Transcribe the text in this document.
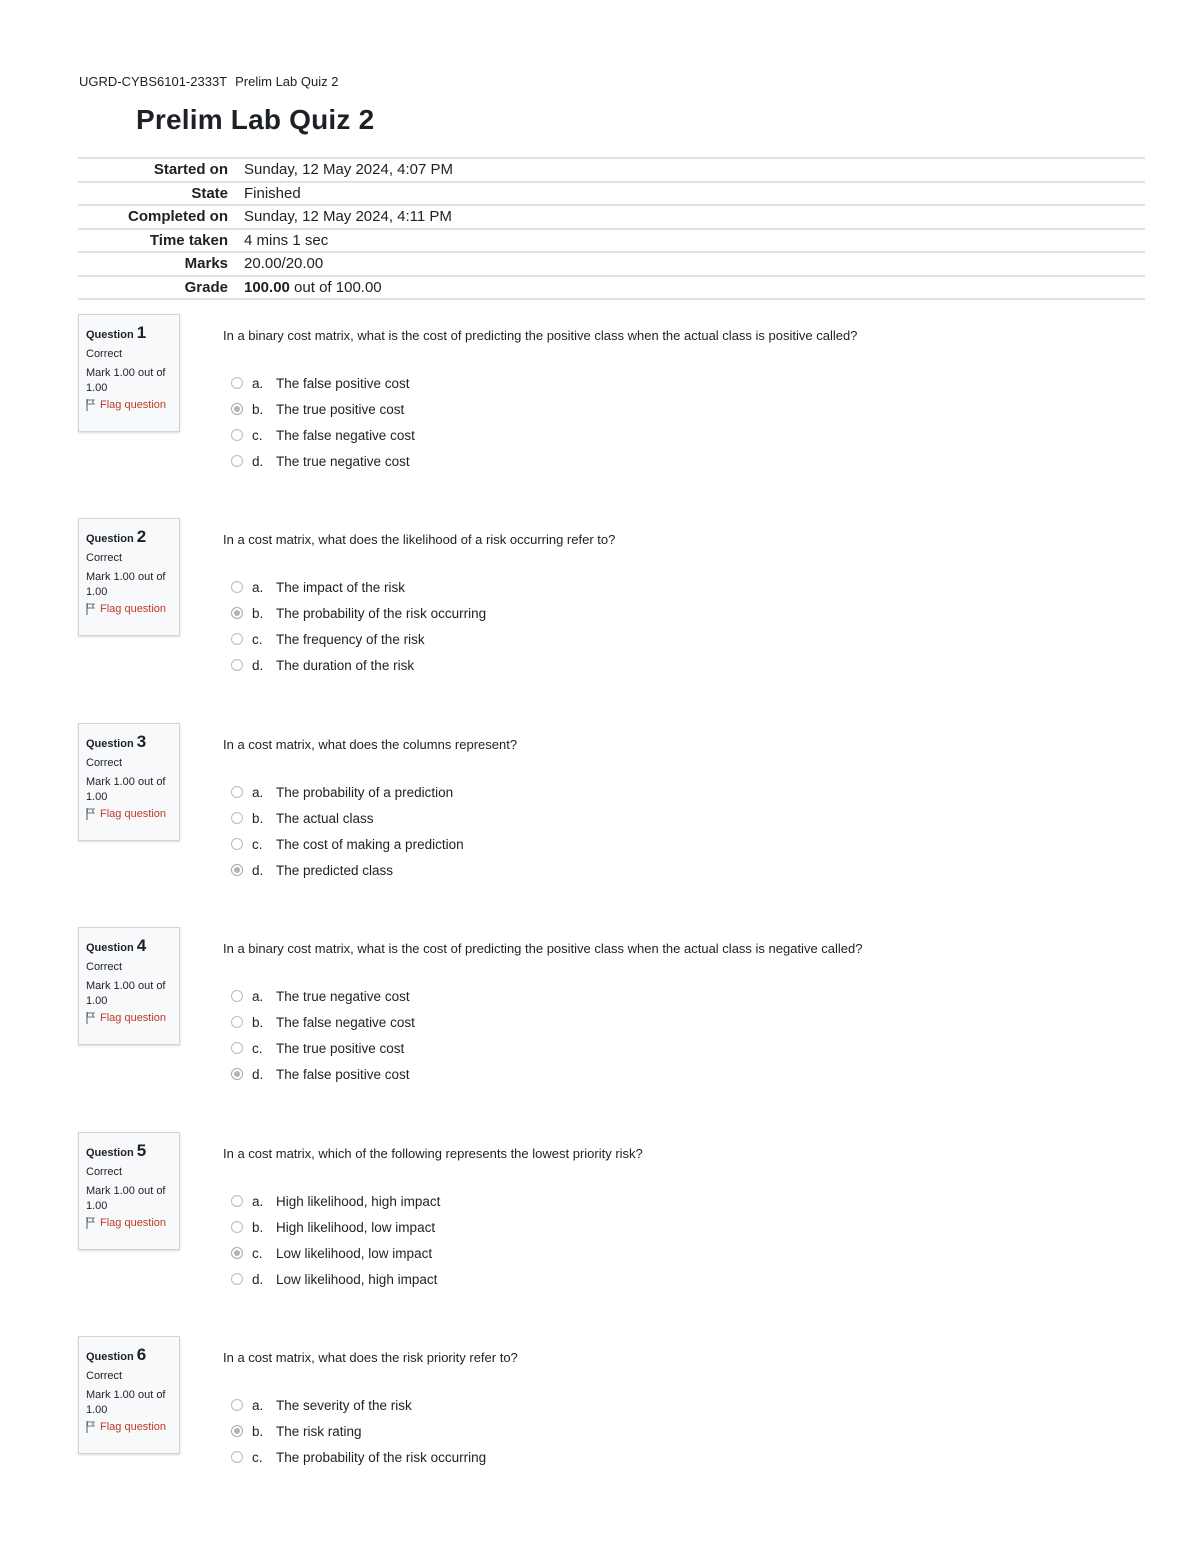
UGRD-CYBS6101-2333T Prelim Lab Quiz 2
Prelim Lab Quiz 2
Started on	Sunday, 12 May 2024, 4:07 PM
State	Finished
Completed on	Sunday, 12 May 2024, 4:11 PM
Time taken	4 mins 1 sec
Marks	20.00/20.00
Grade	100.00 out of 100.00
Question 1
Correct
Mark 1.00 out of 1.00
Flag question
In a binary cost matrix, what is the cost of predicting the positive class when the actual class is positive called?
a. The false positive cost
b. The true positive cost
c. The false negative cost
d. The true negative cost
Question 2
Correct
Mark 1.00 out of 1.00
Flag question
In a cost matrix, what does the likelihood of a risk occurring refer to?
a. The impact of the risk
b. The probability of the risk occurring
c. The frequency of the risk
d. The duration of the risk
Question 3
Correct
Mark 1.00 out of 1.00
Flag question
In a cost matrix, what does the columns represent?
a. The probability of a prediction
b. The actual class
c. The cost of making a prediction
d. The predicted class
Question 4
Correct
Mark 1.00 out of 1.00
Flag question
In a binary cost matrix, what is the cost of predicting the positive class when the actual class is negative called?
a. The true negative cost
b. The false negative cost
c. The true positive cost
d. The false positive cost
Question 5
Correct
Mark 1.00 out of 1.00
Flag question
In a cost matrix, which of the following represents the lowest priority risk?
a. High likelihood, high impact
b. High likelihood, low impact
c. Low likelihood, low impact
d. Low likelihood, high impact
Question 6
Correct
Mark 1.00 out of 1.00
Flag question
In a cost matrix, what does the risk priority refer to?
a. The severity of the risk
b. The risk rating
c. The probability of the risk occurring
